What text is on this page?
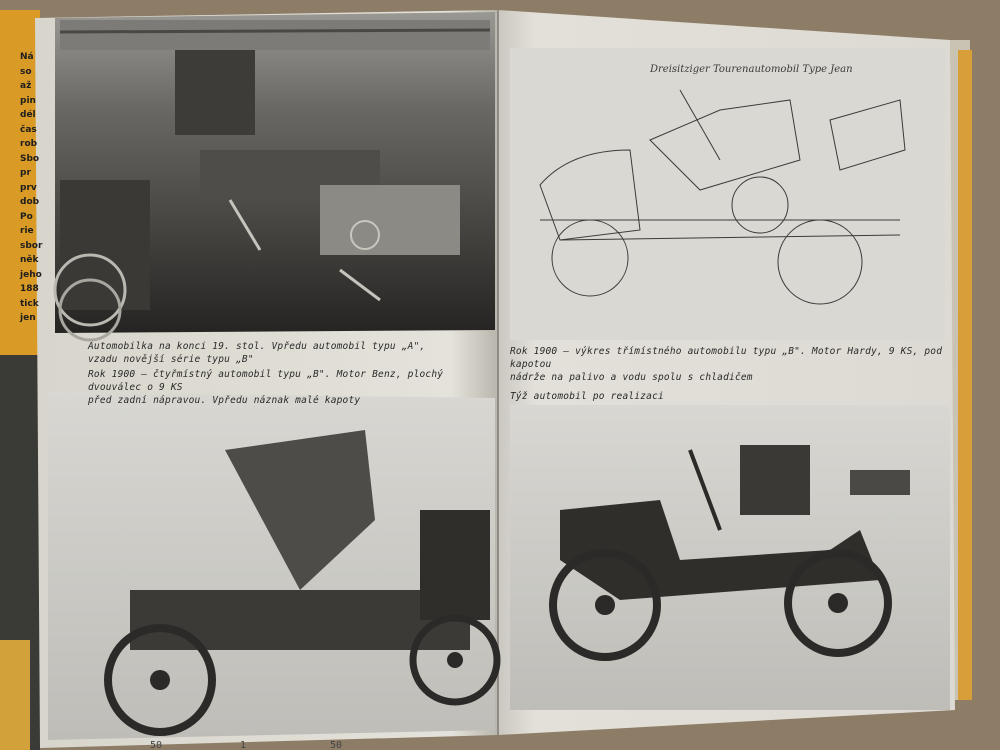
Dreisitziger Tourenautomobil Type Jean
50	1	50
Ná
so
až
pin
dél
čas
rob
Sbo
pr
prv
dob
Po
rie
sbor
něk
jeho
188
tick
jen
Automobilka na konci 19. stol. Vpředu automobil typu „A",
vzadu novější série typu „B"
Rok 1900 – čtyřmístný automobil typu „B". Motor Benz, plochý dvouválec o 9 KS
před zadní nápravou. Vpředu náznak malé kapoty
Rok 1900 – výkres třímístného automobilu typu „B". Motor Hardy, 9 KS, pod kapotou
nádrže na palivo a vodu spolu s chladičem
Týž automobil po realizaci
